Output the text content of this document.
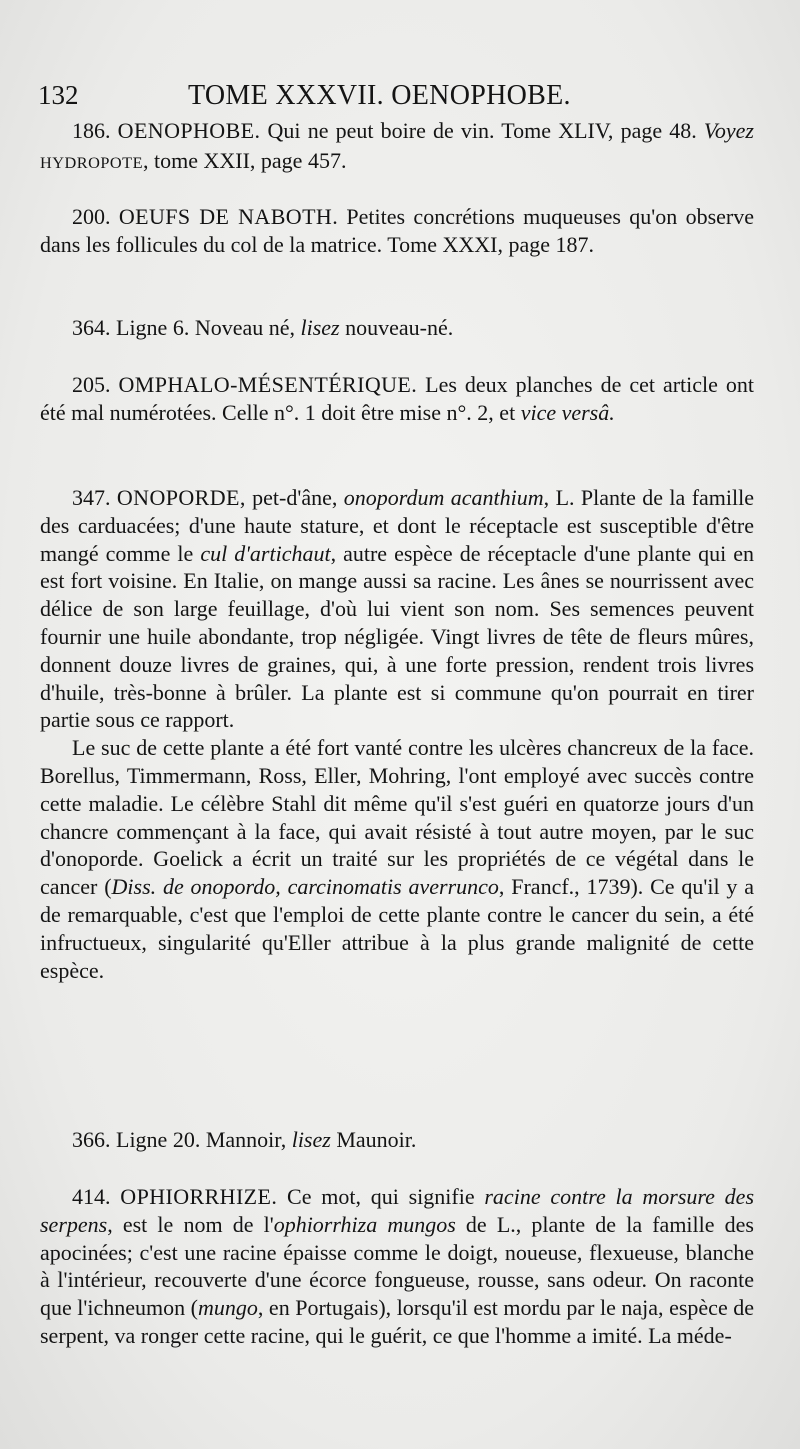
132	TOME XXXVII. OENOPHOBE.

186. OENOPHOBE. Qui ne peut boire de vin. Tome XLIV, page 48. Voyez HYDROPOTE, tome XXII, page 457.

200. OEUFS DE NABOTH. Petites concrétions muqueuses qu'on observe dans les follicules du col de la matrice. Tome XXXI, page 187.

364. Ligne 6. Noveau né, lisez nouveau-né.

205. OMPHALO-MÉSENTÉRIQUE. Les deux planches de cet article ont été mal numérotées. Celle n°. 1 doit être mise n°. 2, et vice versâ.

347. ONOPORDE, pet-d'âne, onopordum acanthium, L. Plante de la famille des carduacées; d'une haute stature, et dont le réceptacle est susceptible d'être mangé comme le cul d'artichaut, autre espèce de réceptacle d'une plante qui en est fort voisine. En Italie, on mange aussi sa racine. Les ânes se nourrissent avec délice de son large feuillage, d'où lui vient son nom. Ses semences peuvent fournir une huile abondante, trop négligée. Vingt livres de tête de fleurs mûres, donnent douze livres de graines, qui, à une forte pression, rendent trois livres d'huile, très-bonne à brûler. La plante est si commune qu'on pourrait en tirer partie sous ce rapport.

Le suc de cette plante a été fort vanté contre les ulcères chancreux de la face. Borellus, Timmermann, Ross, Eller, Mohring, l'ont employé avec succès contre cette maladie. Le célèbre Stahl dit même qu'il s'est guéri en quatorze jours d'un chancre commençant à la face, qui avait résisté à tout autre moyen, par le suc d'onoporde. Goelick a écrit un traité sur les propriétés de ce végétal dans le cancer (Diss. de onopordo, carcinomatis averrunco, Francf., 1739). Ce qu'il y a de remarquable, c'est que l'emploi de cette plante contre le cancer du sein, a été infructueux, singularité qu'Eller attribue à la plus grande malignité de cette espèce.

366. Ligne 20. Mannoir, lisez Maunoir.

414. OPHIORRHIZE. Ce mot, qui signifie racine contre la morsure des serpens, est le nom de l'ophiorrhiza mungos de L., plante de la famille des apocinées; c'est une racine épaisse comme le doigt, noueuse, flexueuse, blanche à l'intérieur, recouverte d'une écorce fongueuse, rousse, sans odeur. On raconte que l'ichneumon (mungo, en Portugais), lorsqu'il est mordu par le naja, espèce de serpent, va ronger cette racine, qui le guérit, ce que l'homme a imité. La méde-
